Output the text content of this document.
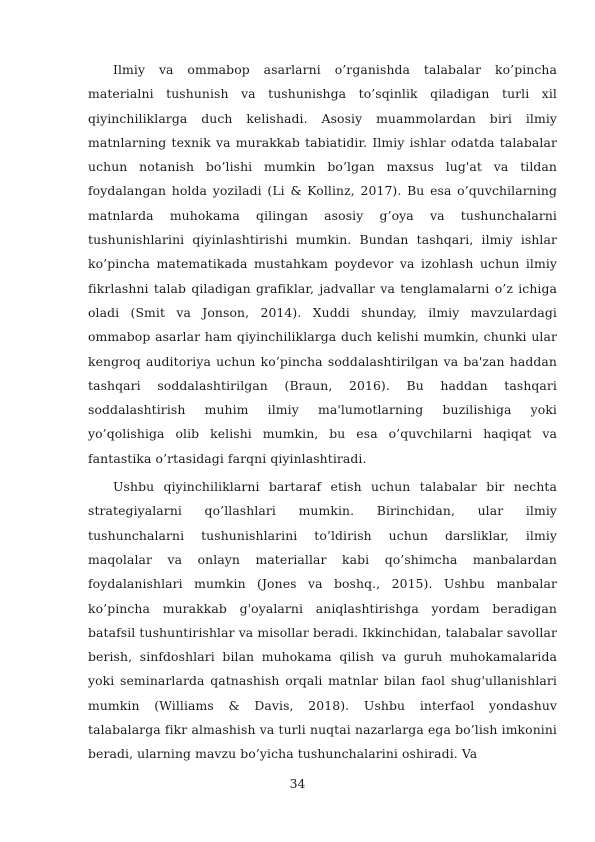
Ilmiy va ommabop asarlarni o’rganishda talabalar ko’pincha materialni tushunish va tushunishga to’sqinlik qiladigan turli xil qiyinchiliklarga duch kelishadi. Asosiy muammolardan biri ilmiy matnlarning texnik va murakkab tabiatidir. Ilmiy ishlar odatda talabalar uchun notanish bo’lishi mumkin bo’lgan maxsus lug'at va tildan foydalangan holda yoziladi (Li & Kollinz, 2017). Bu esa o’quvchilarning matnlarda muhokama qilingan asosiy g’oya va tushunchalarni tushunishlarini qiyinlashtirishi mumkin. Bundan tashqari, ilmiy ishlar ko’pincha matematikada mustahkam poydevor va izohlash uchun ilmiy fikrlashni talab qiladigan grafiklar, jadvallar va tenglamalarni o’z ichiga oladi (Smit va Jonson, 2014). Xuddi shunday, ilmiy mavzulardagi ommabop asarlar ham qiyinchiliklarga duch kelishi mumkin, chunki ular kengroq auditoriya uchun ko’pincha soddalashtirilgan va ba'zan haddan tashqari soddalashtirilgan (Braun, 2016). Bu haddan tashqari soddalashtirish muhim ilmiy ma'lumotlarning buzilishiga yoki yo’qolishiga olib kelishi mumkin, bu esa o’quvchilarni haqiqat va fantastika o’rtasidagi farqni qiyinlashtiradi.

Ushbu qiyinchiliklarni bartaraf etish uchun talabalar bir nechta strategiyalarni qo’llashlari mumkin. Birinchidan, ular ilmiy tushunchalarni tushunishlarini to’ldirish uchun darsliklar, ilmiy maqolalar va onlayn materiallar kabi qo’shimcha manbalardan foydalanishlari mumkin (Jones va boshq., 2015). Ushbu manbalar ko’pincha murakkab g'oyalarni aniqlashtirishga yordam beradigan batafsil tushuntirishlar va misollar beradi. Ikkinchidan, talabalar savollar berish, sinfdoshlari bilan muhokama qilish va guruh muhokamalarida yoki seminarlarda qatnashish orqali matnlar bilan faol shug'ullanishlari mumkin (Williams & Davis, 2018). Ushbu interfaol yondashuv talabalarga fikr almashish va turli nuqtai nazarlarga ega bo’lish imkonini beradi, ularning mavzu bo’yicha tushunchalarini oshiradi. Va

34
